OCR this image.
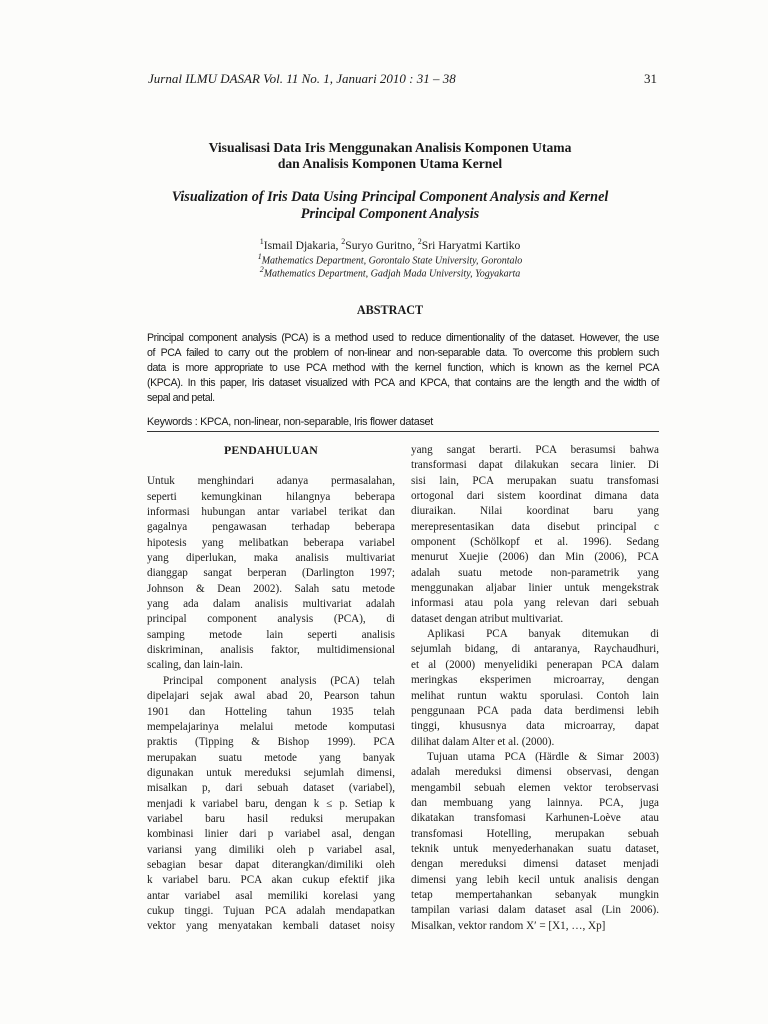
Jurnal ILMU DASAR Vol. 11 No. 1, Januari 2010 : 31 – 38	31
Visualisasi Data Iris Menggunakan Analisis Komponen Utama
dan Analisis Komponen Utama Kernel
Visualization of Iris Data Using Principal Component Analysis and Kernel
Principal Component Analysis
$^1$Ismail Djakaria, $^2$Suryo Guritno, $^2$Sri Haryatmi Kartiko
$^1$Mathematics Department, Gorontalo State University, Gorontalo
$^2$Mathematics Department, Gadjah Mada University, Yogyakarta
ABSTRACT

Principal component analysis (PCA) is a method used to reduce dimentionality of the dataset. However, the use
of PCA failed to carry out the problem of non-linear and non-separable data. To overcome this problem such
data is more appropriate to use PCA method with the kernel function, which is known as the kernel PCA
(KPCA). In this paper, Iris dataset visualized with PCA and KPCA, that contains are the length and the width of
sepal and petal.

Keywords : KPCA, non-linear, non-separable, Iris flower dataset
PENDAHULUAN
Untuk menghindari adanya permasalahan,
seperti kemungkinan hilangnya beberapa
informasi hubungan antar variabel terikat dan
gagalnya pengawasan terhadap beberapa
hipotesis yang melibatkan beberapa variabel
yang diperlukan, maka analisis multivariat
dianggap sangat berperan (Darlington 1997;
Johnson & Dean 2002). Salah satu metode
yang ada dalam analisis multivariat adalah
principal component analysis (PCA), di
samping metode lain seperti analisis
diskriminan, analisis faktor, multidimensional
scaling, dan lain-lain.
Principal component analysis (PCA) telah
dipelajari sejak awal abad 20, Pearson tahun
1901 dan Hotteling tahun 1935 telah
mempelajarinya melalui metode komputasi
praktis (Tipping & Bishop 1999). PCA
merupakan suatu metode yang banyak
digunakan untuk mereduksi sejumlah dimensi,
misalkan p, dari sebuah dataset (variabel),
menjadi k variabel baru, dengan k ≤ p. Setiap k
variabel baru hasil reduksi merupakan
kombinasi linier dari p variabel asal, dengan
variansi yang dimiliki oleh p variabel asal,
sebagian besar dapat diterangkan/dimiliki oleh
k variabel baru. PCA akan cukup efektif jika
antar variabel asal memiliki korelasi yang
cukup tinggi. Tujuan PCA adalah mendapatkan
vektor yang menyatakan kembali dataset noisy
yang sangat berarti. PCA berasumsi bahwa
transformasi dapat dilakukan secara linier. Di
sisi lain, PCA merupakan suatu transfomasi
ortogonal dari sistem koordinat dimana data
diuraikan. Nilai koordinat baru yang
merepresentasikan data disebut principal c
omponent (Schölkopf et al. 1996). Sedang
menurut Xuejie (2006) dan Min (2006), PCA
adalah suatu metode non-parametrik yang
menggunakan aljabar linier untuk mengekstrak
informasi atau pola yang relevan dari sebuah
dataset dengan atribut multivariat.
Aplikasi PCA banyak ditemukan di
sejumlah bidang, di antaranya, Raychaudhuri,
et al (2000) menyelidiki penerapan PCA dalam
meringkas eksperimen microarray, dengan
melihat runtun waktu sporulasi. Contoh lain
penggunaan PCA pada data berdimensi lebih
tinggi, khususnya data microarray, dapat
dilihat dalam Alter et al. (2000).
Tujuan utama PCA (Härdle & Simar 2003)
adalah mereduksi dimensi observasi, dengan
mengambil sebuah elemen vektor terobservasi
dan membuang yang lainnya. PCA, juga
dikatakan transfomasi Karhunen-Loève atau
transfomasi Hotelling, merupakan sebuah
teknik untuk menyederhanakan suatu dataset,
dengan mereduksi dimensi dataset menjadi
dimensi yang lebih kecil untuk analisis dengan
tetap mempertahankan sebanyak mungkin
tampilan variasi dalam dataset asal (Lin 2006).
Misalkan, vektor random X′ = [X1, …, Xp]
